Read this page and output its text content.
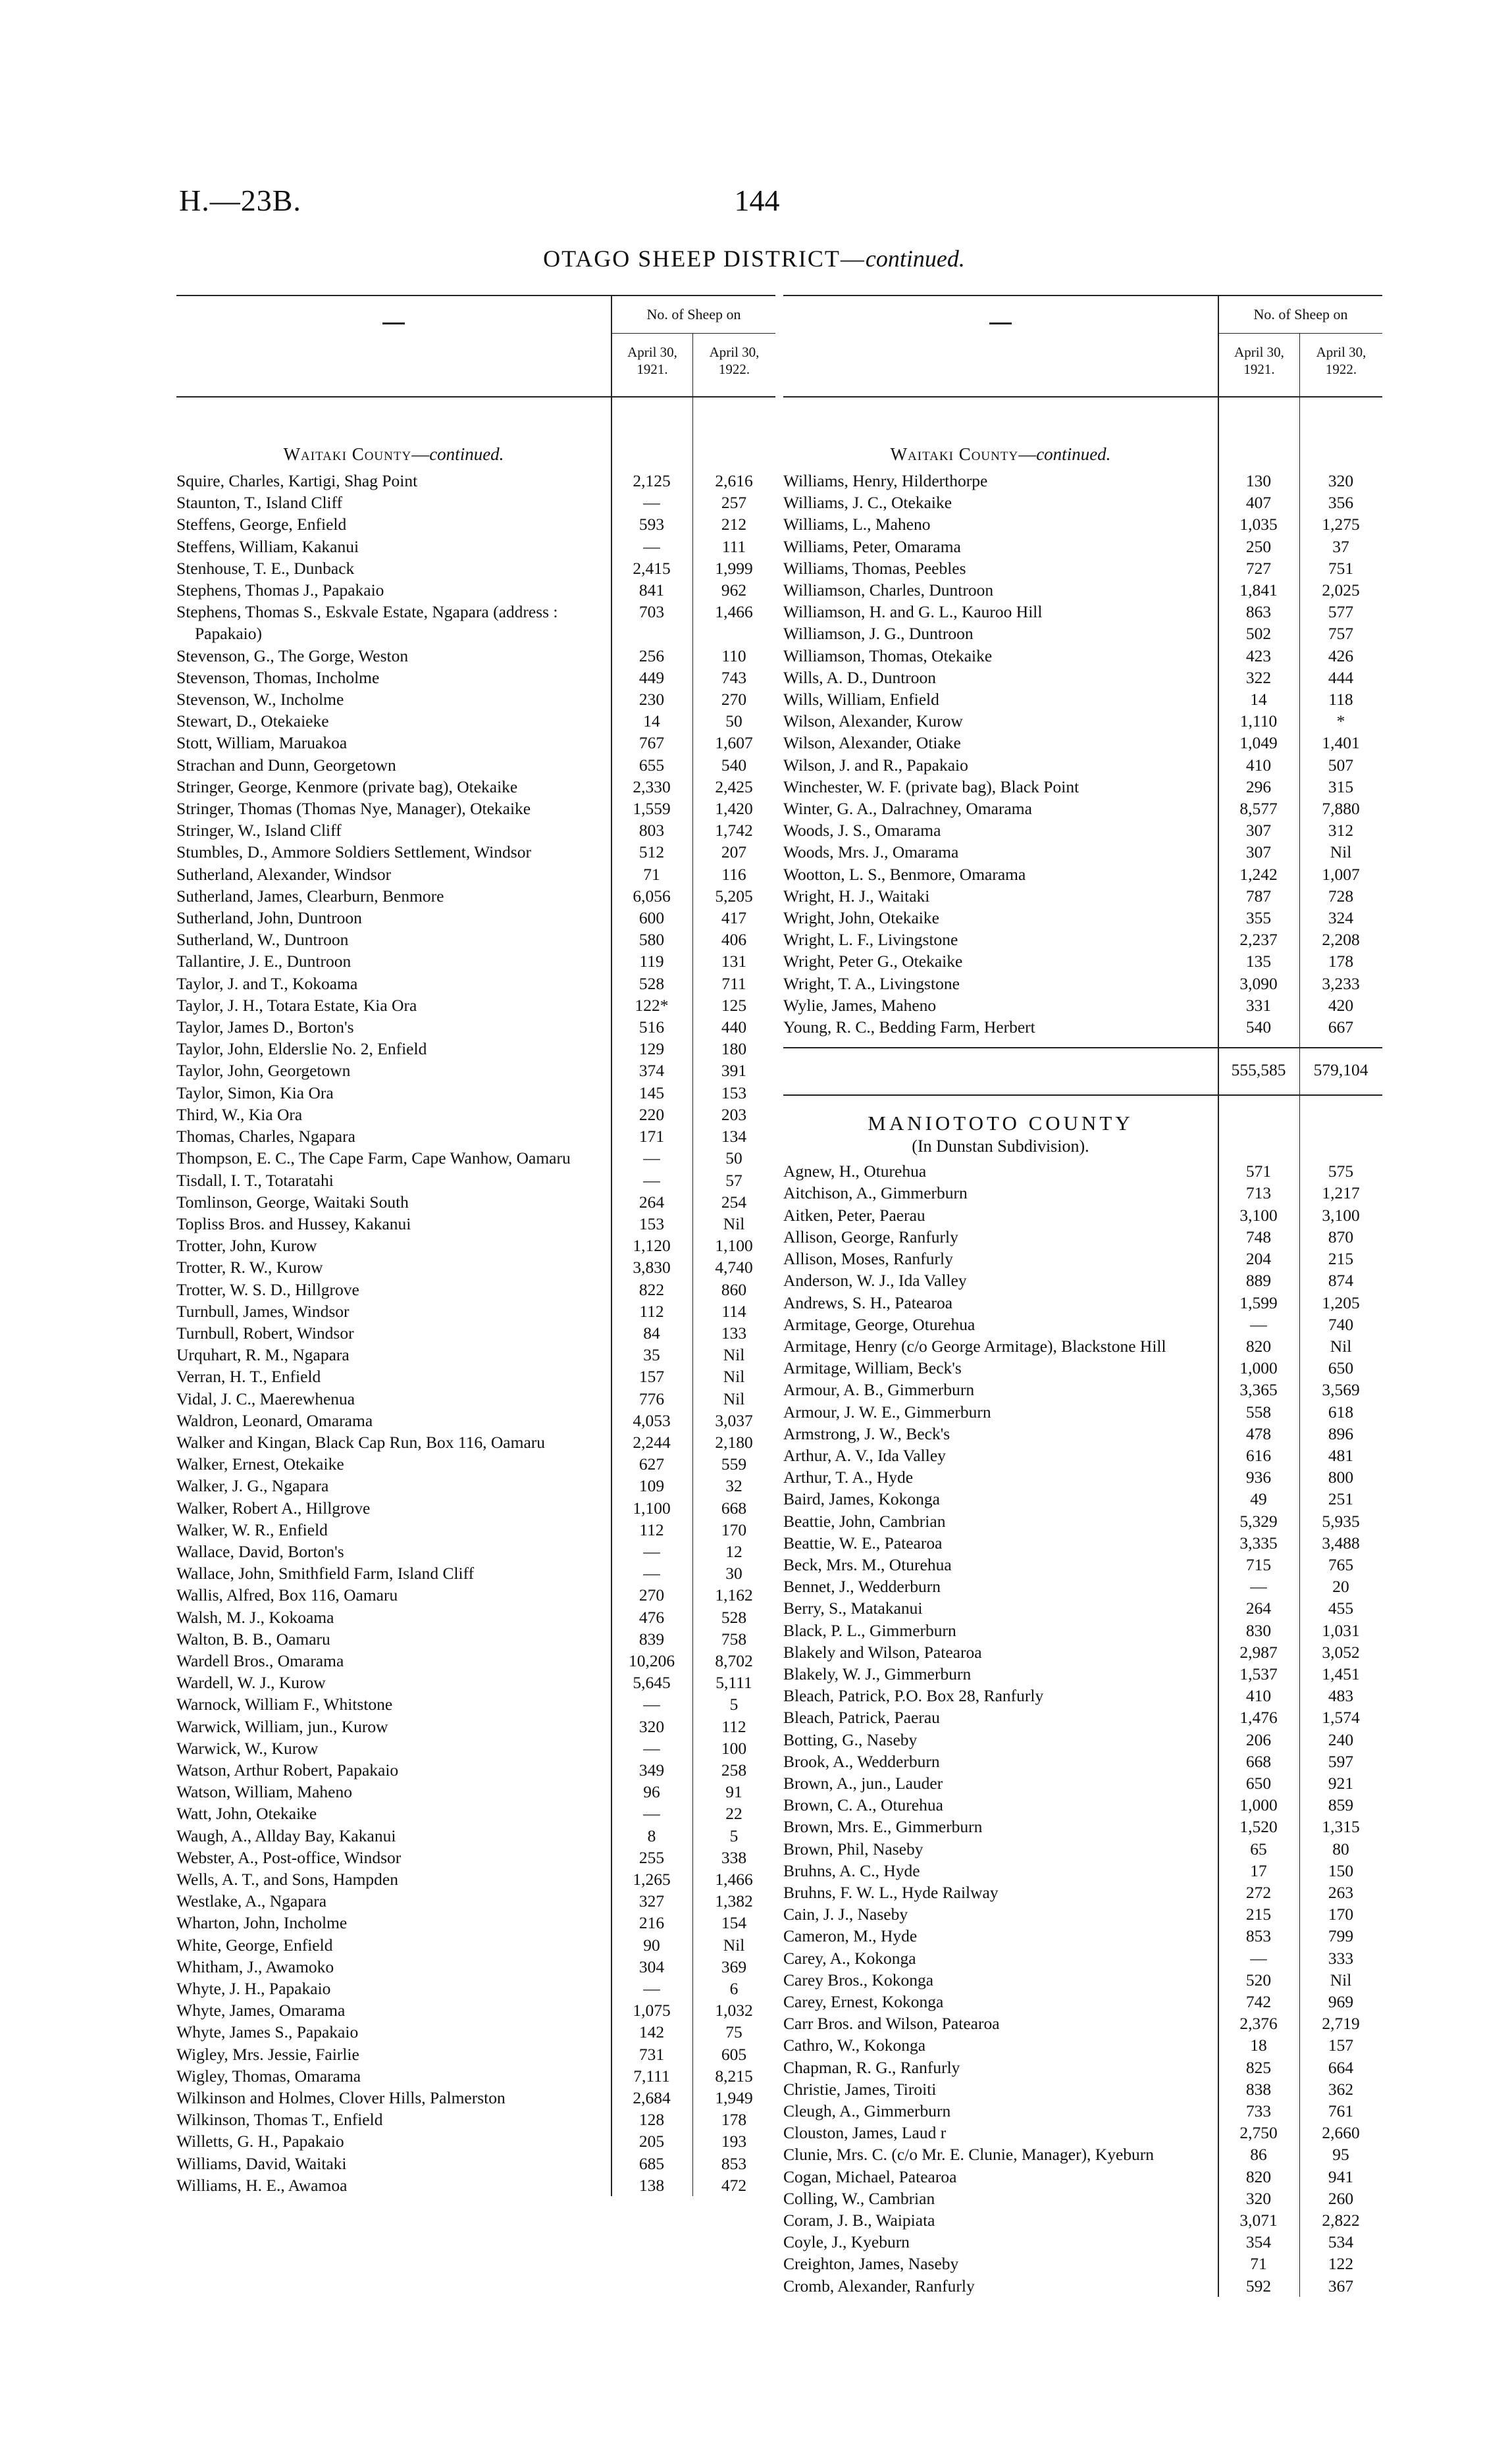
H.—23B.	144
OTAGO SHEEP DISTRICT—continued.
No. of Sheep on
April 30,
1921.
April 30,
1922.
Waitaki County—continued.
Squire, Charles, Kartigi, Shag Point	2,125	2,616
Staunton, T., Island Cliff	—	257
Steffens, George, Enfield	593	212
Steffens, William, Kakanui	—	111
Stenhouse, T. E., Dunback	2,415	1,999
Stephens, Thomas J., Papakaio	841	962
Stephens, Thomas S., Eskvale Estate, Ngapara (address : Papakaio)
703	1,466
Stevenson, G., The Gorge, Weston	256	110
Stevenson, Thomas, Incholme	449	743
Stevenson, W., Incholme	230	270
Stewart, D., Otekaieke	14	50
Stott, William, Maruakoa	767	1,607
Strachan and Dunn, Georgetown	655	540
Stringer, George, Kenmore (private bag), Otekaike	2,330	2,425
Stringer, Thomas (Thomas Nye, Manager), Otekaike	1,559	1,420
Stringer, W., Island Cliff	803	1,742
Stumbles, D., Ammore Soldiers Settlement, Windsor	512	207
Sutherland, Alexander, Windsor	71	116
Sutherland, James, Clearburn, Benmore	6,056	5,205
Sutherland, John, Duntroon	600	417
Sutherland, W., Duntroon	580	406
Tallantire, J. E., Duntroon	119	131
Taylor, J. and T., Kokoama	528	711
Taylor, J. H., Totara Estate, Kia Ora	122*	125
Taylor, James D., Borton's	516	440
Taylor, John, Elderslie No. 2, Enfield	129	180
Taylor, John, Georgetown	374	391
Taylor, Simon, Kia Ora	145	153
Third, W., Kia Ora	220	203
Thomas, Charles, Ngapara	171	134
Thompson, E. C., The Cape Farm, Cape Wanhow, Oamaru	—	50
Tisdall, I. T., Totaratahi	—	57
Tomlinson, George, Waitaki South	264	254
Topliss Bros. and Hussey, Kakanui	153	Nil
Trotter, John, Kurow	1,120	1,100
Trotter, R. W., Kurow	3,830	4,740
Trotter, W. S. D., Hillgrove	822	860
Turnbull, James, Windsor	112	114
Turnbull, Robert, Windsor	84	133
Urquhart, R. M., Ngapara	35	Nil
Verran, H. T., Enfield	157	Nil
Vidal, J. C., Maerewhenua	776	Nil
Waldron, Leonard, Omarama	4,053	3,037
Walker and Kingan, Black Cap Run, Box 116, Oamaru	2,244	2,180
Walker, Ernest, Otekaike	627	559
Walker, J. G., Ngapara	109	32
Walker, Robert A., Hillgrove	1,100	668
Walker, W. R., Enfield	112	170
Wallace, David, Borton's	—	12
Wallace, John, Smithfield Farm, Island Cliff	—	30
Wallis, Alfred, Box 116, Oamaru	270	1,162
Walsh, M. J., Kokoama	476	528
Walton, B. B., Oamaru	839	758
Wardell Bros., Omarama	10,206	8,702
Wardell, W. J., Kurow	5,645	5,111
Warnock, William F., Whitstone	—	5
Warwick, William, jun., Kurow	320	112
Warwick, W., Kurow	—	100
Watson, Arthur Robert, Papakaio	349	258
Watson, William, Maheno	96	91
Watt, John, Otekaike	—	22
Waugh, A., Allday Bay, Kakanui	8	5
Webster, A., Post-office, Windsor	255	338
Wells, A. T., and Sons, Hampden	1,265	1,466
Westlake, A., Ngapara	327	1,382
Wharton, John, Incholme	216	154
White, George, Enfield	90	Nil
Whitham, J., Awamoko	304	369
Whyte, J. H., Papakaio	—	6
Whyte, James, Omarama	1,075	1,032
Whyte, James S., Papakaio	142	75
Wigley, Mrs. Jessie, Fairlie	731	605
Wigley, Thomas, Omarama	7,111	8,215
Wilkinson and Holmes, Clover Hills, Palmerston	2,684	1,949
Wilkinson, Thomas T., Enfield	128	178
Willetts, G. H., Papakaio	205	193
Williams, David, Waitaki	685	853
Williams, H. E., Awamoa	138	472
No. of Sheep on
April 30,
1921.
April 30,
1922.
Waitaki County—continued.
Williams, Henry, Hilderthorpe	130	320
Williams, J. C., Otekaike	407	356
Williams, L., Maheno	1,035	1,275
Williams, Peter, Omarama	250	37
Williams, Thomas, Peebles	727	751
Williamson, Charles, Duntroon	1,841	2,025
Williamson, H. and G. L., Kauroo Hill	863	577
Williamson, J. G., Duntroon	502	757
Williamson, Thomas, Otekaike	423	426
Wills, A. D., Duntroon	322	444
Wills, William, Enfield	14	118
Wilson, Alexander, Kurow	1,110	*
Wilson, Alexander, Otiake	1,049	1,401
Wilson, J. and R., Papakaio	410	507
Winchester, W. F. (private bag), Black Point	296	315
Winter, G. A., Dalrachney, Omarama	8,577	7,880
Woods, J. S., Omarama	307	312
Woods, Mrs. J., Omarama	307	Nil
Wootton, L. S., Benmore, Omarama	1,242	1,007
Wright, H. J., Waitaki	787	728
Wright, John, Otekaike	355	324
Wright, L. F., Livingstone	2,237	2,208
Wright, Peter G., Otekaike	135	178
Wright, T. A., Livingstone	3,090	3,233
Wylie, James, Maheno	331	420
Young, R. C., Bedding Farm, Herbert	540	667
555,585	579,104
MANIOTOTO COUNTY
(In Dunstan Subdivision).
Agnew, H., Oturehua	571	575
Aitchison, A., Gimmerburn	713	1,217
Aitken, Peter, Paerau	3,100	3,100
Allison, George, Ranfurly	748	870
Allison, Moses, Ranfurly	204	215
Anderson, W. J., Ida Valley	889	874
Andrews, S. H., Patearoa	1,599	1,205
Armitage, George, Oturehua	—	740
Armitage, Henry (c/o George Armitage), Blackstone Hill	820	Nil
Armitage, William, Beck's	1,000	650
Armour, A. B., Gimmerburn	3,365	3,569
Armour, J. W. E., Gimmerburn	558	618
Armstrong, J. W., Beck's	478	896
Arthur, A. V., Ida Valley	616	481
Arthur, T. A., Hyde	936	800
Baird, James, Kokonga	49	251
Beattie, John, Cambrian	5,329	5,935
Beattie, W. E., Patearoa	3,335	3,488
Beck, Mrs. M., Oturehua	715	765
Bennet, J., Wedderburn	—	20
Berry, S., Matakanui	264	455
Black, P. L., Gimmerburn	830	1,031
Blakely and Wilson, Patearoa	2,987	3,052
Blakely, W. J., Gimmerburn	1,537	1,451
Bleach, Patrick, P.O. Box 28, Ranfurly	410	483
Bleach, Patrick, Paerau	1,476	1,574
Botting, G., Naseby	206	240
Brook, A., Wedderburn	668	597
Brown, A., jun., Lauder	650	921
Brown, C. A., Oturehua	1,000	859
Brown, Mrs. E., Gimmerburn	1,520	1,315
Brown, Phil, Naseby	65	80
Bruhns, A. C., Hyde	17	150
Bruhns, F. W. L., Hyde Railway	272	263
Cain, J. J., Naseby	215	170
Cameron, M., Hyde	853	799
Carey, A., Kokonga	—	333
Carey Bros., Kokonga	520	Nil
Carey, Ernest, Kokonga	742	969
Carr Bros. and Wilson, Patearoa	2,376	2,719
Cathro, W., Kokonga	18	157
Chapman, R. G., Ranfurly	825	664
Christie, James, Tiroiti	838	362
Cleugh, A., Gimmerburn	733	761
Clouston, James, Laud r	2,750	2,660
Clunie, Mrs. C. (c/o Mr. E. Clunie, Manager), Kyeburn	86	95
Cogan, Michael, Patearoa	820	941
Colling, W., Cambrian	320	260
Coram, J. B., Waipiata	3,071	2,822
Coyle, J., Kyeburn	354	534
Creighton, James, Naseby	71	122
Cromb, Alexander, Ranfurly	592	367
